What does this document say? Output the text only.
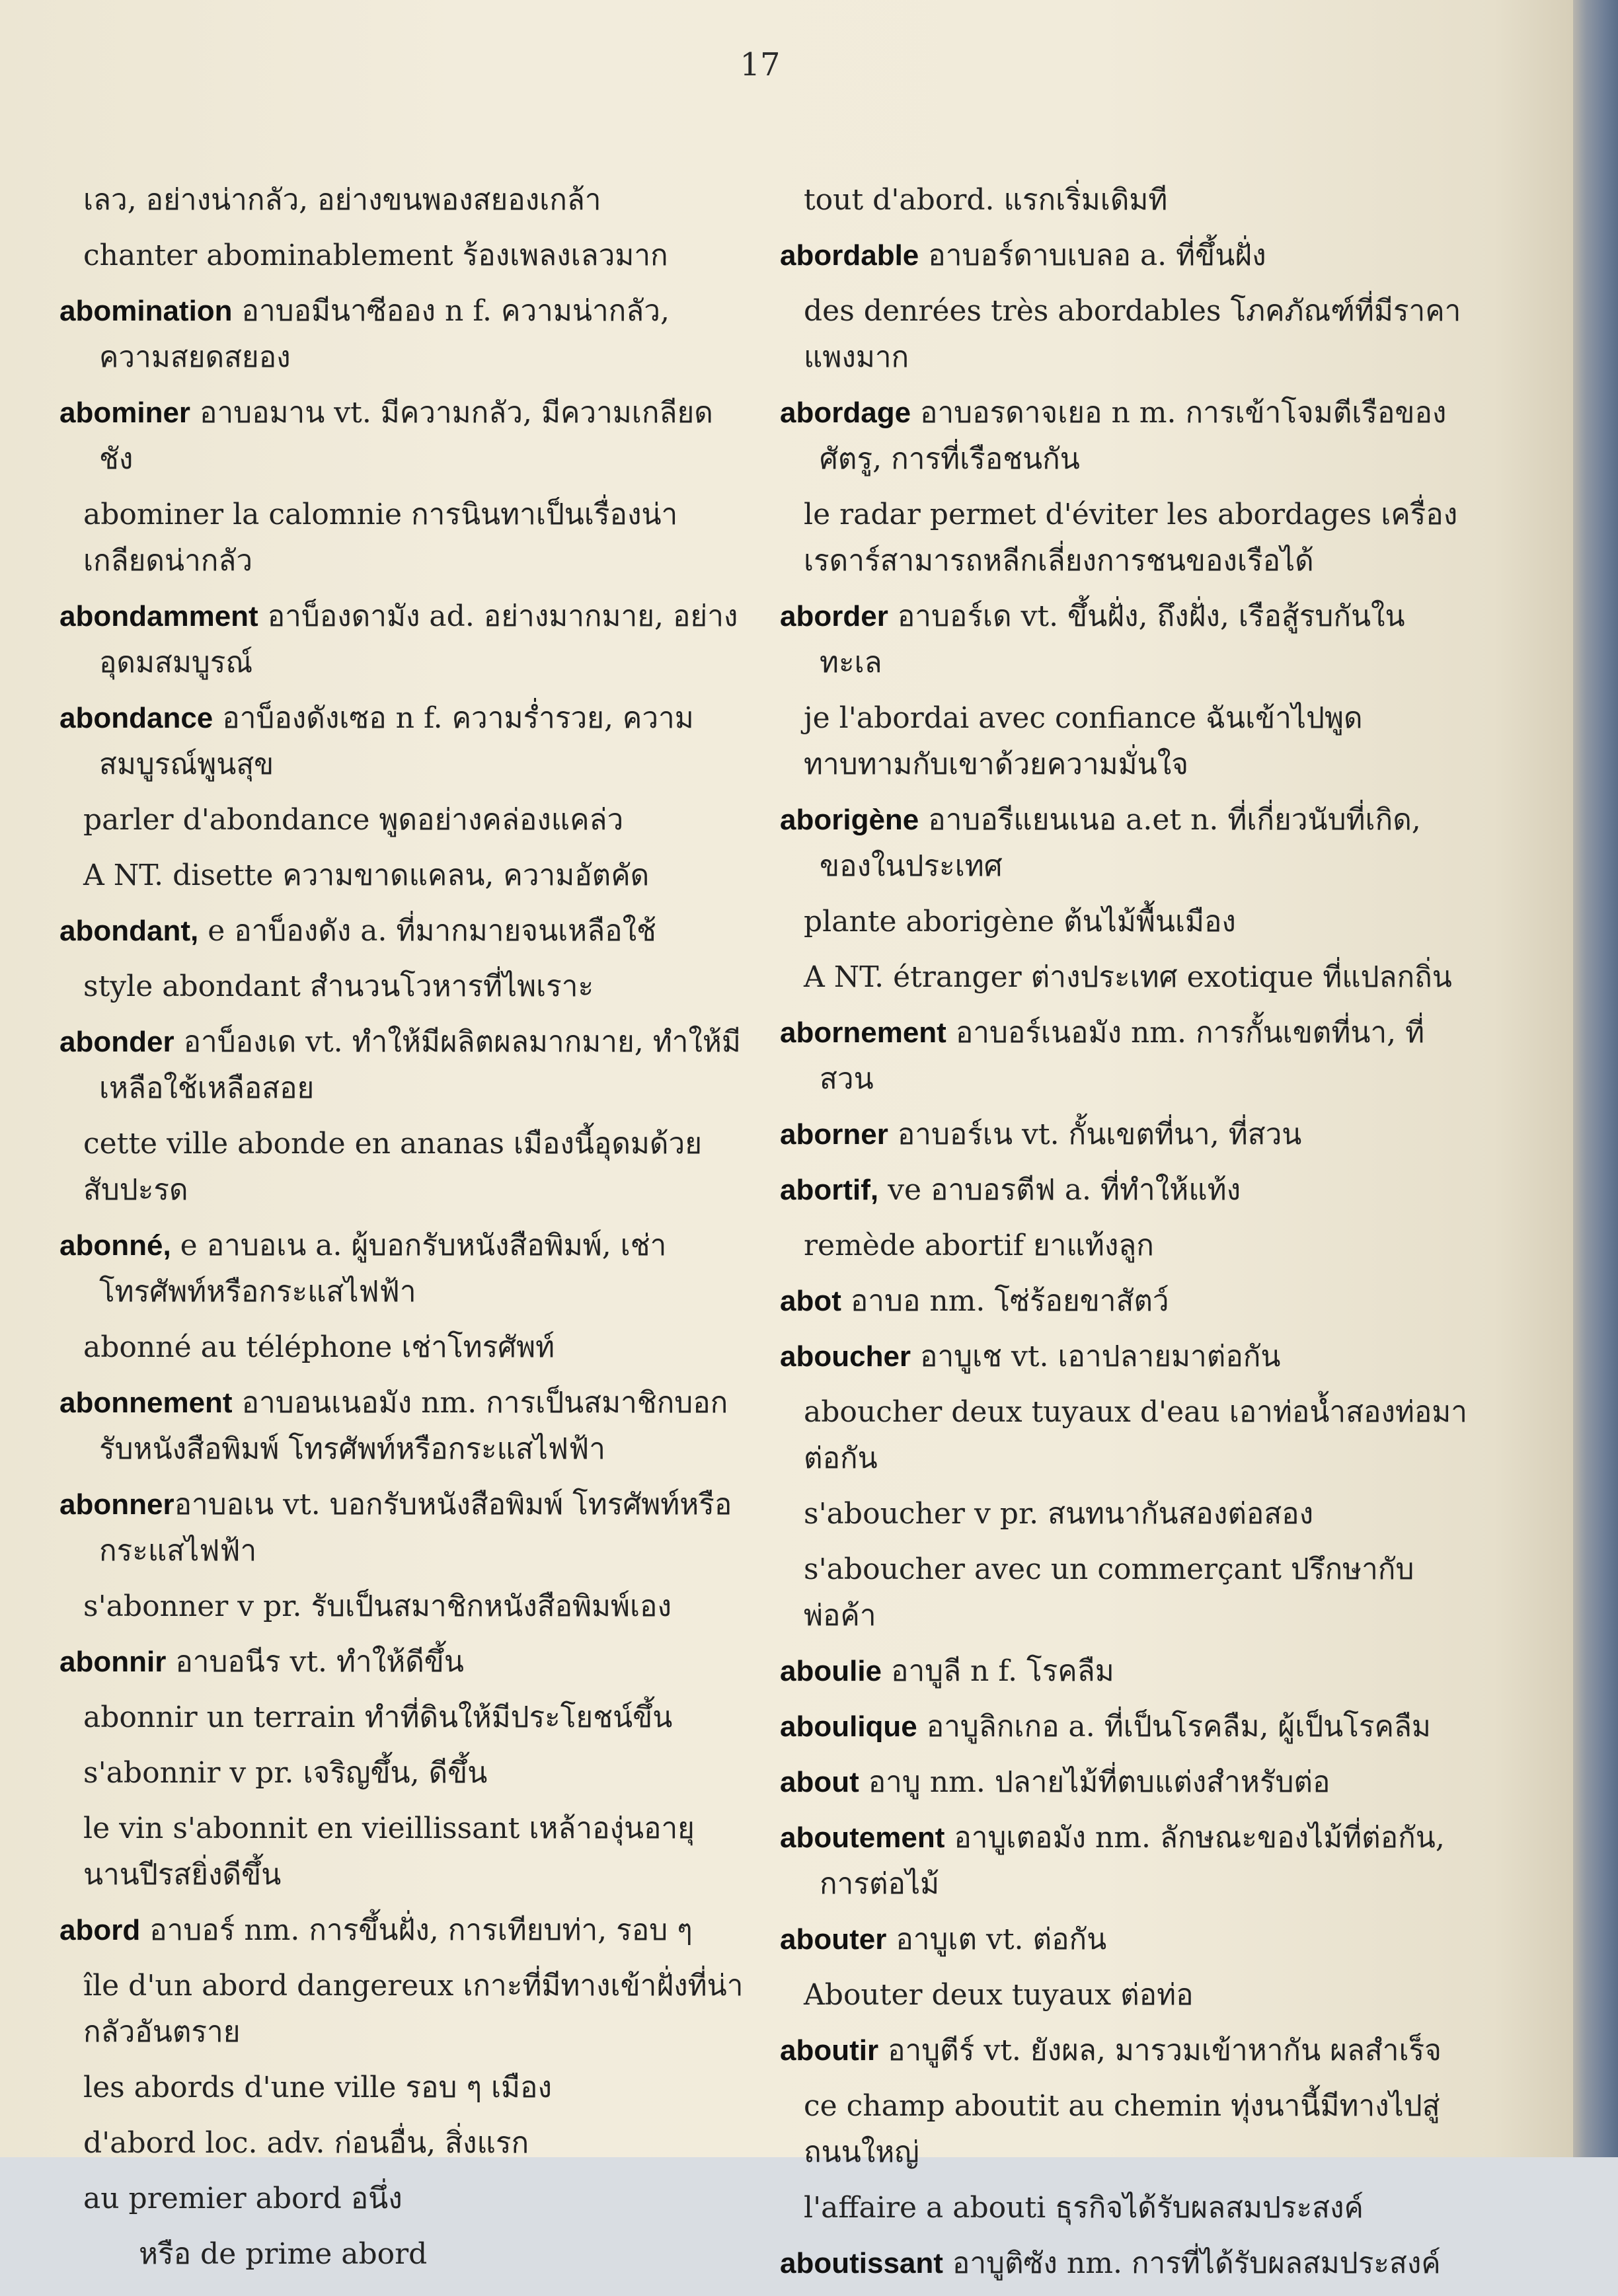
17
เลว, อย่างน่ากลัว, อย่างขนพองสยองเกล้า
chanter abominablement ร้องเพลงเลวมาก
abomination อาบอมีนาซีออง n f. ความน่ากลัว, ความสยดสยอง
abominer อาบอมาน vt. มีความกลัว, มีความเกลียดชัง
abominer la calomnie การนินทาเป็นเรื่องน่าเกลียดน่ากลัว
abondamment อาบ็องดามัง ad. อย่างมากมาย, อย่างอุดมสมบูรณ์
abondance อาบ็องดังเซอ n f. ความร่ำรวย, ความสมบูรณ์พูนสุข
parler d'abondance พูดอย่างคล่องแคล่ว
A NT. disette ความขาดแคลน, ความอัตคัด
abondant, e อาบ็องดัง a. ที่มากมายจนเหลือใช้
style abondant สำนวนโวหารที่ไพเราะ
abonder อาบ็องเด vt. ทำให้มีผลิตผลมากมาย, ทำให้มีเหลือใช้เหลือสอย
cette ville abonde en ananas เมืองนี้อุดมด้วยสับปะรด
abonné, e อาบอเน a. ผู้บอกรับหนังสือพิมพ์, เช่าโทรศัพท์หรือกระแสไฟฟ้า
abonné au téléphone เช่าโทรศัพท์
abonnement อาบอนเนอมัง nm. การเป็นสมาชิกบอกรับหนังสือพิมพ์ โทรศัพท์หรือกระแสไฟฟ้า
abonnerอาบอเน vt. บอกรับหนังสือพิมพ์ โทรศัพท์หรือกระแสไฟฟ้า
s'abonner v pr. รับเป็นสมาชิกหนังสือพิมพ์เอง
abonnir อาบอนีร vt. ทำให้ดีขึ้น
abonnir un terrain ทำที่ดินให้มีประโยชน์ขึ้น
s'abonnir v pr. เจริญขึ้น, ดีขึ้น
le vin s'abonnit en vieillissant เหล้าองุ่นอายุนานปีรสยิ่งดีขึ้น
abord อาบอร์ nm. การขึ้นฝั่ง, การเทียบท่า, รอบ ๆ
île d'un abord dangereux เกาะที่มีทางเข้าฝั่งที่น่ากลัวอันตราย
les abords d'une ville รอบ ๆ เมือง
d'abord loc. adv. ก่อนอื่น, สิ่งแรก
au premier abord อนึ่ง
หรือ de prime abord
tout d'abord. แรกเริ่มเดิมที
abordable อาบอร์ดาบเบลอ a. ที่ขึ้นฝั่ง
des denrées très abordables โภคภัณฑ์ที่มีราคาแพงมาก
abordage อาบอรดาจเยอ n m. การเข้าโจมตีเรือของศัตรู, การที่เรือชนกัน
le radar permet d'éviter les abordages เครื่องเรดาร์สามารถหลีกเลี่ยงการชนของเรือได้
aborder อาบอร์เด vt. ขึ้นฝั่ง, ถึงฝั่ง, เรือสู้รบกันในทะเล
je l'abordai avec confiance ฉันเข้าไปพูดทาบทามกับเขาด้วยความมั่นใจ
aborigène อาบอรีแยนเนอ a.et n. ที่เกี่ยวนับที่เกิด, ของในประเทศ
plante aborigène ต้นไม้พื้นเมือง
A NT. étranger ต่างประเทศ exotique ที่แปลกถิ่น
abornement อาบอร์เนอมัง nm. การกั้นเขตที่นา, ที่สวน
aborner อาบอร์เน vt. กั้นเขตที่นา, ที่สวน
abortif, ve อาบอรตีฟ a. ที่ทำให้แท้ง
remède abortif ยาแท้งลูก
abot อาบอ nm. โซ่ร้อยขาสัตว์
aboucher อาบูเช vt. เอาปลายมาต่อกัน
aboucher deux tuyaux d'eau เอาท่อน้ำสองท่อมาต่อกัน
s'aboucher v pr. สนทนากันสองต่อสอง
s'aboucher avec un commerçant ปรึกษากับพ่อค้า
aboulie อาบูลี n f. โรคลืม
aboulique อาบูลิกเกอ a. ที่เป็นโรคลืม, ผู้เป็นโรคลืม
about อาบู nm. ปลายไม้ที่ตบแต่งสำหรับต่อ
aboutement อาบูเตอมัง nm. ลักษณะของไม้ที่ต่อกัน, การต่อไม้
abouter อาบูเต vt. ต่อกัน
Abouter deux tuyaux ต่อท่อ
aboutir อาบูตีร์ vt. ยังผล, มารวมเข้าหากัน ผลสำเร็จ
ce champ aboutit au chemin ทุ่งนานี้มีทางไปสู่ถนนใหญ่
l'affaire a abouti ธุรกิจได้รับผลสมประสงค์
aboutissant อาบูติซัง nm. การที่ได้รับผลสมประสงค์
